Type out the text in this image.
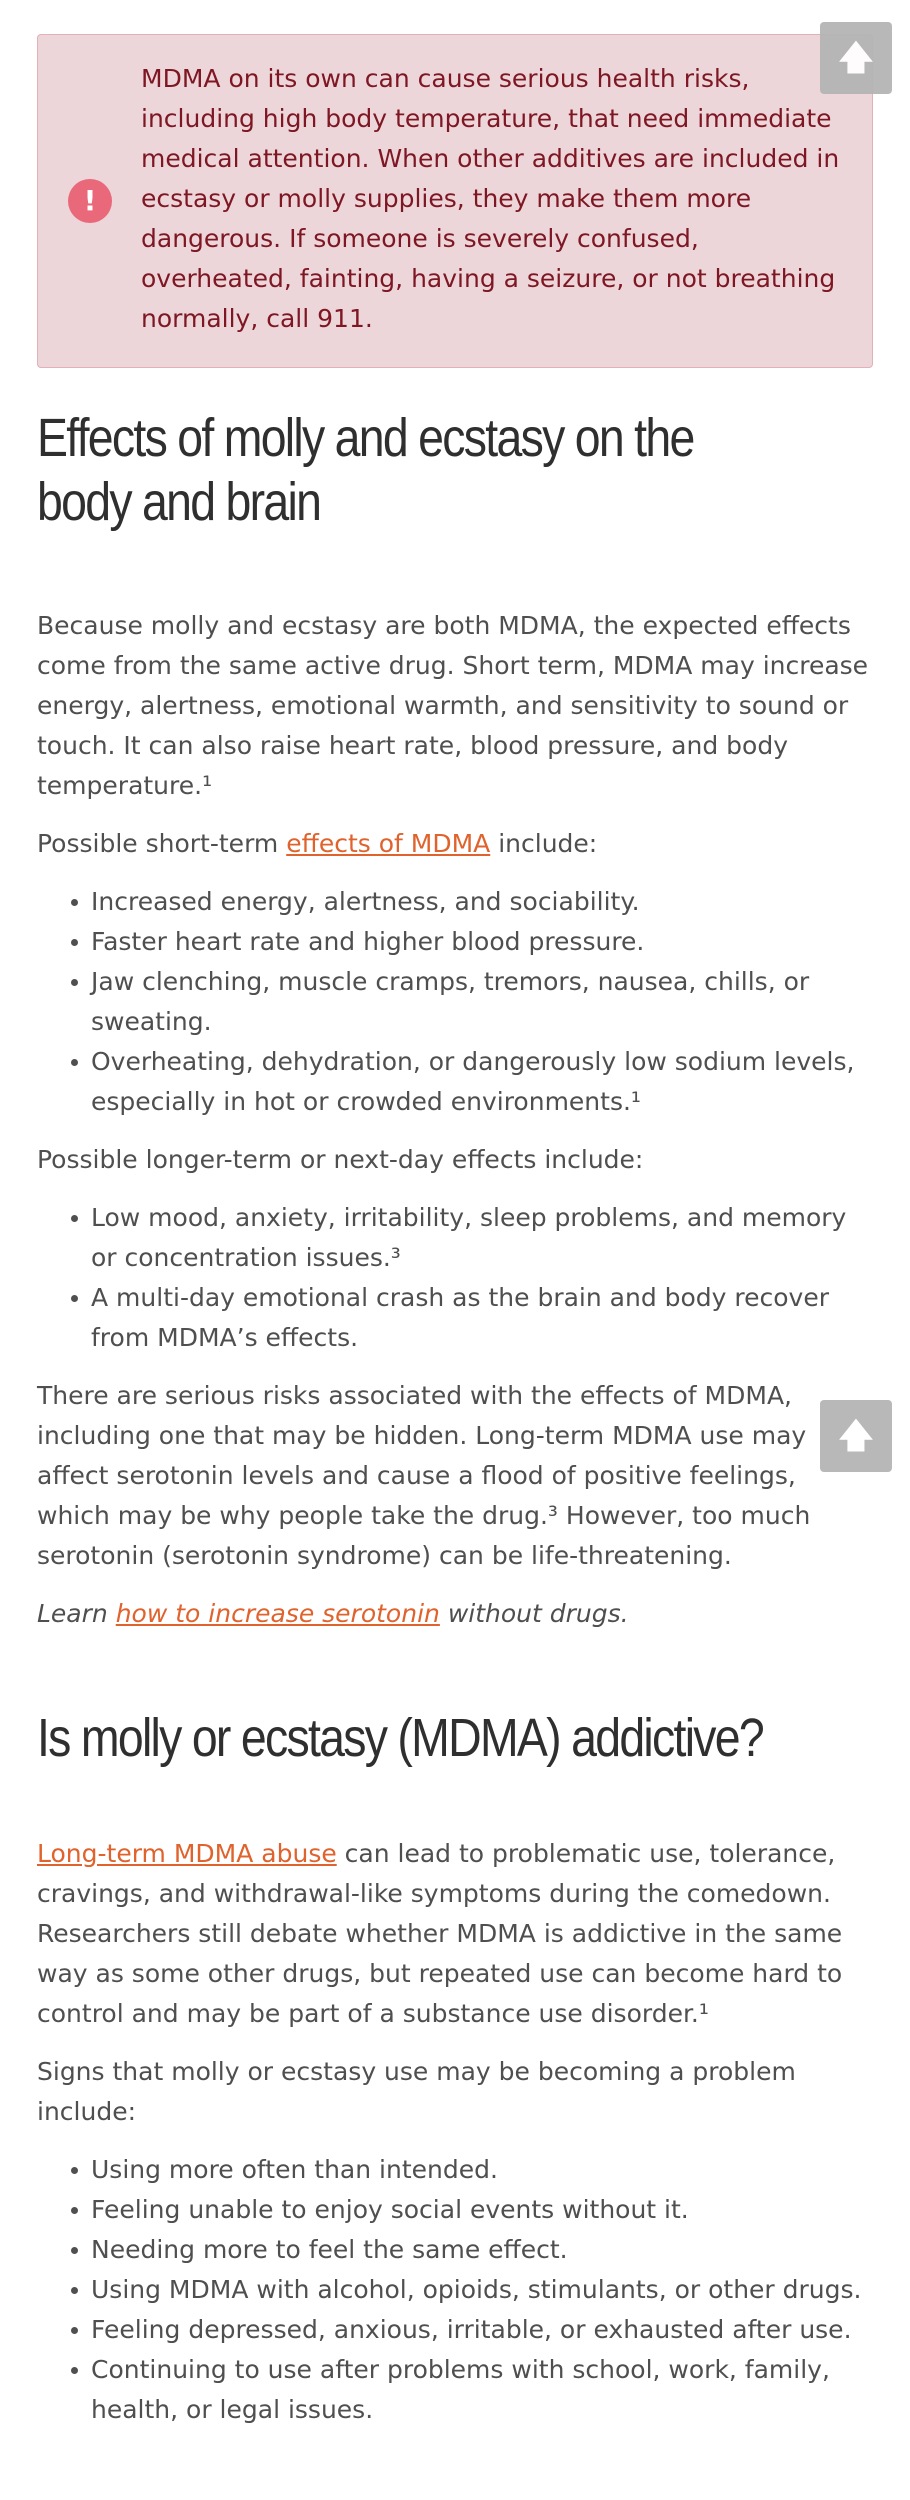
!
MDMA on its own can cause serious health risks, including high body temperature, that need immediate medical attention. When other additives are included in ecstasy or molly supplies, they make them more dangerous. If someone is severely confused, overheated, fainting, having a seizure, or not breathing normally, call 911.
Effects of molly and ecstasy on the body and brain

Because molly and ecstasy are both MDMA, the expected effects come from the same active drug. Short term, MDMA may increase energy, alertness, emotional warmth, and sensitivity to sound or touch. It can also raise heart rate, blood pressure, and body temperature.¹

Possible short-term effects of MDMA include:

Increased energy, alertness, and sociability.
Faster heart rate and higher blood pressure.
Jaw clenching, muscle cramps, tremors, nausea, chills, or sweating.
Overheating, dehydration, or dangerously low sodium levels, especially in hot or crowded environments.¹

Possible longer-term or next-day effects include:

Low mood, anxiety, irritability, sleep problems, and memory or concentration issues.³
A multi-day emotional crash as the brain and body recover from MDMA’s effects.

There are serious risks associated with the effects of MDMA, including one that may be hidden. Long-term MDMA use may affect serotonin levels and cause a flood of positive feelings, which may be why people take the drug.³ However, too much serotonin (serotonin syndrome) can be life-threatening.

Learn how to increase serotonin without drugs.

Is molly or ecstasy (MDMA) addictive?

Long-term MDMA abuse can lead to problematic use, tolerance, cravings, and withdrawal-like symptoms during the comedown. Researchers still debate whether MDMA is addictive in the same way as some other drugs, but repeated use can become hard to control and may be part of a substance use disorder.¹

Signs that molly or ecstasy use may be becoming a problem include:

Using more often than intended.
Feeling unable to enjoy social events without it.
Needing more to feel the same effect.
Using MDMA with alcohol, opioids, stimulants, or other drugs.
Feeling depressed, anxious, irritable, or exhausted after use.
Continuing to use after problems with school, work, family, health, or legal issues.
🡅
🡅
